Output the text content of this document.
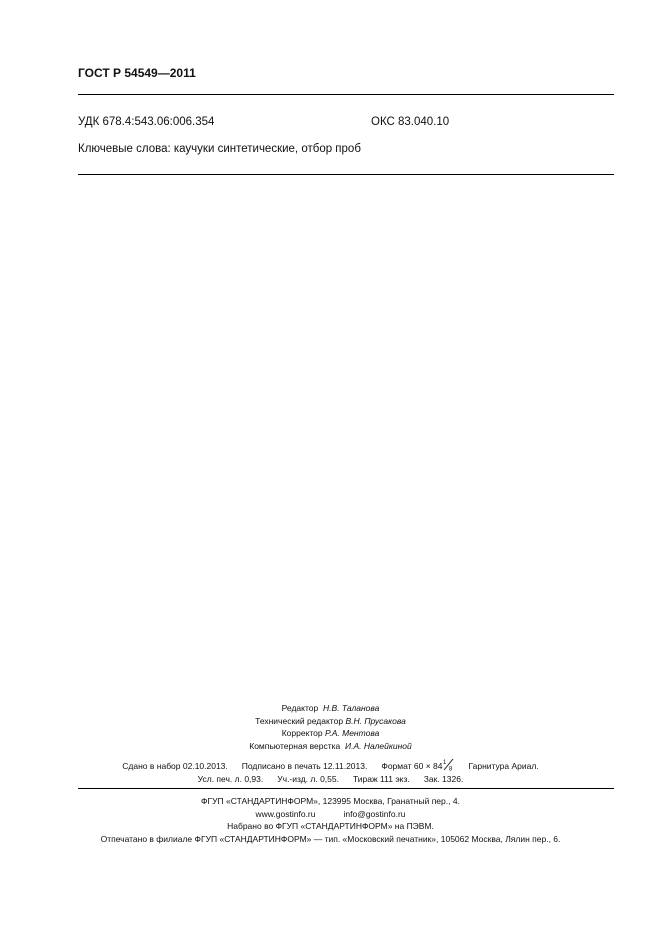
ГОСТ Р 54549—2011
УДК 678.4:543.06:006.354	ОКС 83.040.10
Ключевые слова: каучуки синтетические, отбор проб
Редактор Н.В. Таланова
Технический редактор В.Н. Прусакова
Корректор Р.А. Ментова
Компьютерная верстка И.А. Налейкиной
Сдано в набор 02.10.2013. Подписано в печать 12.11.2013. Формат 60 × 84 1
8 Гарнитура Ариал.
Усл. печ. л. 0,93. Уч.-изд. л. 0,55. Тираж 111 экз. Зак. 1326.
ФГУП «СТАНДАРТИНФОРМ», 123995 Москва, Гранатный пер., 4.
www.gostinfo.ru	info@gostinfo.ru
Набрано во ФГУП «СТАНДАРТИНФОРМ» на ПЭВМ.
Отпечатано в филиале ФГУП «СТАНДАРТИНФОРМ» — тип. «Московский печатник», 105062 Москва, Лялин пер., 6.
